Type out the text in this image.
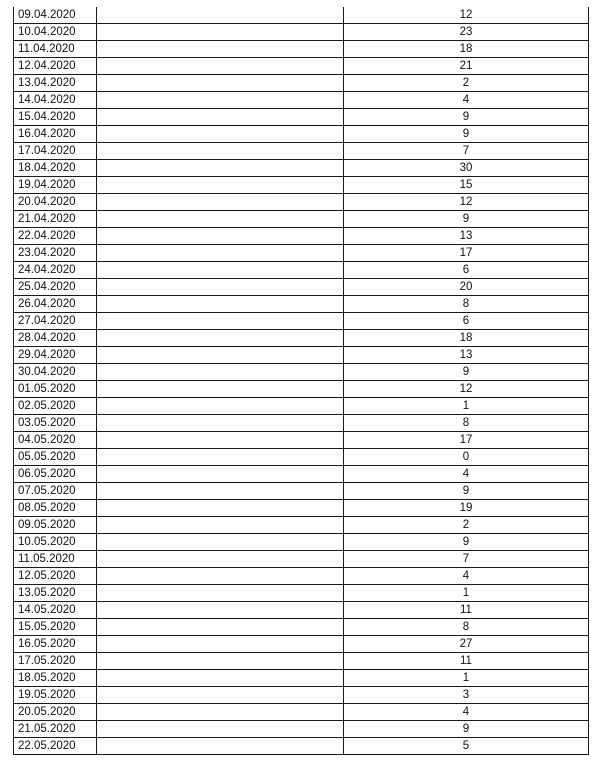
09.04.2020		12
10.04.2020		23
11.04.2020		18
12.04.2020		21
13.04.2020		2
14.04.2020		4
15.04.2020		9
16.04.2020		9
17.04.2020		7
18.04.2020		30
19.04.2020		15
20.04.2020		12
21.04.2020		9
22.04.2020		13
23.04.2020		17
24.04.2020		6
25.04.2020		20
26.04.2020		8
27.04.2020		6
28.04.2020		18
29.04.2020		13
30.04.2020		9
01.05.2020		12
02.05.2020		1
03.05.2020		8
04.05.2020		17
05.05.2020		0
06.05.2020		4
07.05.2020		9
08.05.2020		19
09.05.2020		2
10.05.2020		9
11.05.2020		7
12.05.2020		4
13.05.2020		1
14.05.2020		11
15.05.2020		8
16.05.2020		27
17.05.2020		11
18.05.2020		1
19.05.2020		3
20.05.2020		4
21.05.2020		9
22.05.2020		5
